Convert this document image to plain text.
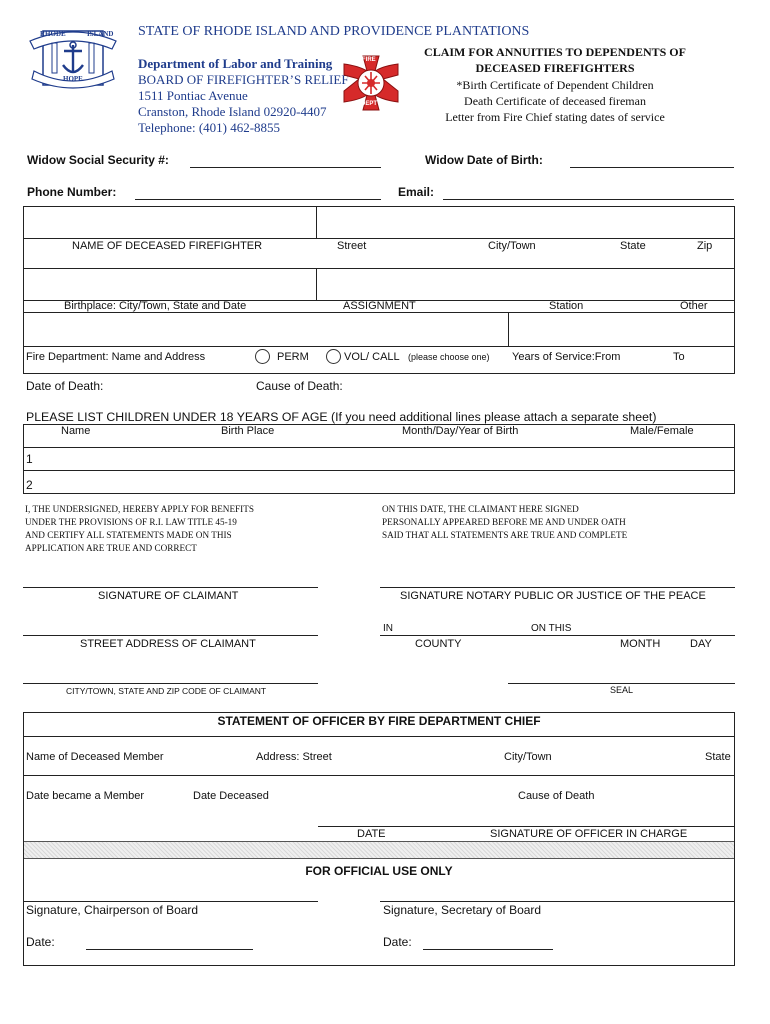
RHODE	ISLAND
HOPE
STATE OF RHODE ISLAND AND PROVIDENCE PLANTATIONS
Department of Labor and Training
BOARD OF FIREFIGHTER’S RELIEF
1511 Pontiac Avenue
Cranston, Rhode Island 02920-4407
Telephone: (401) 462-8855
FIRE
DEPT
CLAIM FOR ANNUITIES TO DEPENDENTS OF
DECEASED FIREFIGHTERS
*Birth Certificate of Dependent Children
Death Certificate of deceased fireman
Letter from Fire Chief stating dates of service
Widow Social Security #:	Widow Date of Birth:
Phone Number:	Email:
NAME OF DECEASED FIREFIGHTER	Street	City/Town	State	Zip
Birthplace: City/Town, State and Date	ASSIGNMENT	Station	Other
Fire Department: Name and Address	PERM	VOL/ CALL (please choose one) Years of Service:From	To
Date of Death:	Cause of Death:
PLEASE LIST CHILDREN UNDER 18 YEARS OF AGE (If you need additional lines please attach a separate sheet)
Name	Birth Place	Month/Day/Year of Birth	Male/Female
1
2
I, THE UNDERSIGNED, HEREBY APPLY FOR BENEFITS
UNDER THE PROVISIONS OF R.I. LAW TITLE 45-19
AND CERTIFY ALL STATEMENTS MADE ON THIS
APPLICATION ARE TRUE AND CORRECT
ON THIS DATE, THE CLAIMANT HERE SIGNED
PERSONALLY APPEARED BEFORE ME AND UNDER OATH
SAID THAT ALL STATEMENTS ARE TRUE AND COMPLETE
SIGNATURE OF CLAIMANT	SIGNATURE NOTARY PUBLIC OR JUSTICE OF THE PEACE
IN	ON THIS
STREET ADDRESS OF CLAIMANT	COUNTY	MONTH	DAY
CITY/TOWN, STATE AND ZIP CODE OF CLAIMANT	SEAL
STATEMENT OF OFFICER BY FIRE DEPARTMENT CHIEF
Name of Deceased Member	Address: Street	City/Town	State
Date became a Member	Date Deceased	Cause of Death
DATE	SIGNATURE OF OFFICER IN CHARGE
FOR OFFICIAL USE ONLY
Signature, Chairperson of Board	Signature, Secretary of Board
Date:	Date:
